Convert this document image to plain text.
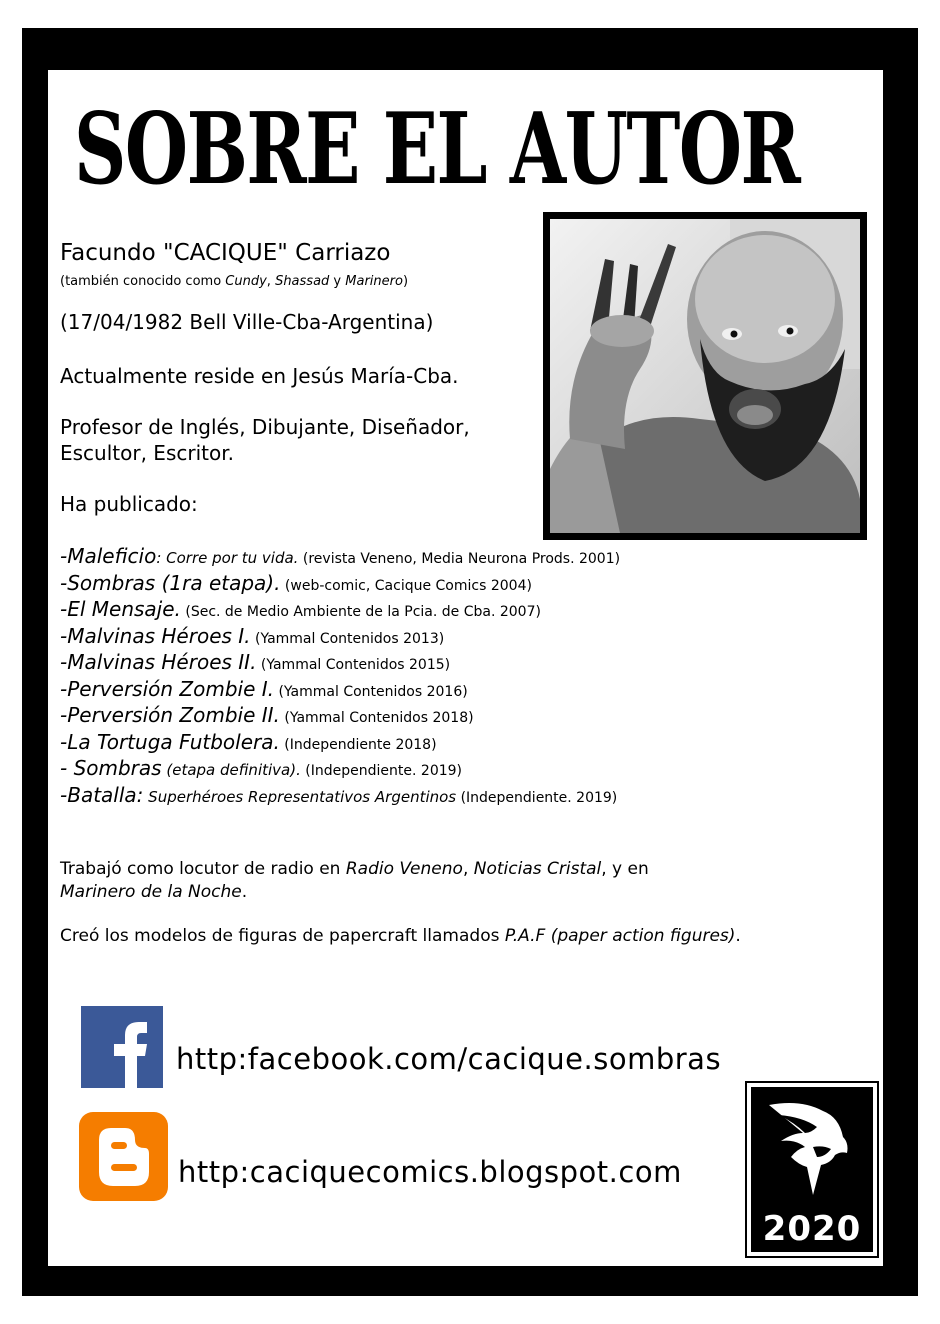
SOBRE EL AUTOR
Facundo "CACIQUE" Carriazo
(también conocido como Cundy, Shassad y Marinero)
(17/04/1982 Bell Ville-Cba-Argentina)
Actualmente reside en Jesús María-Cba.
Profesor de Inglés, Dibujante, Diseñador,
Escultor, Escritor.
Ha publicado:
-Maleficio: Corre por tu vida. (revista Veneno, Media Neurona Prods. 2001)
-Sombras (1ra etapa). (web-comic, Cacique Comics 2004)
-El Mensaje. (Sec. de Medio Ambiente de la Pcia. de Cba. 2007)
-Malvinas Héroes I. (Yammal Contenidos 2013)
-Malvinas Héroes II. (Yammal Contenidos 2015)
-Perversión Zombie I. (Yammal Contenidos 2016)
-Perversión Zombie II. (Yammal Contenidos 2018)
-La Tortuga Futbolera. (Independiente 2018)
- Sombras (etapa definitiva). (Independiente. 2019)
-Batalla: Superhéroes Representativos Argentinos (Independiente. 2019)
Trabajó como locutor de radio en Radio Veneno, Noticias Cristal, y en
Marinero de la Noche.
Creó los modelos de figuras de papercraft llamados P.A.F (paper action figures).
http:facebook.com/cacique.sombras
http:caciquecomics.blogspot.com
2020
